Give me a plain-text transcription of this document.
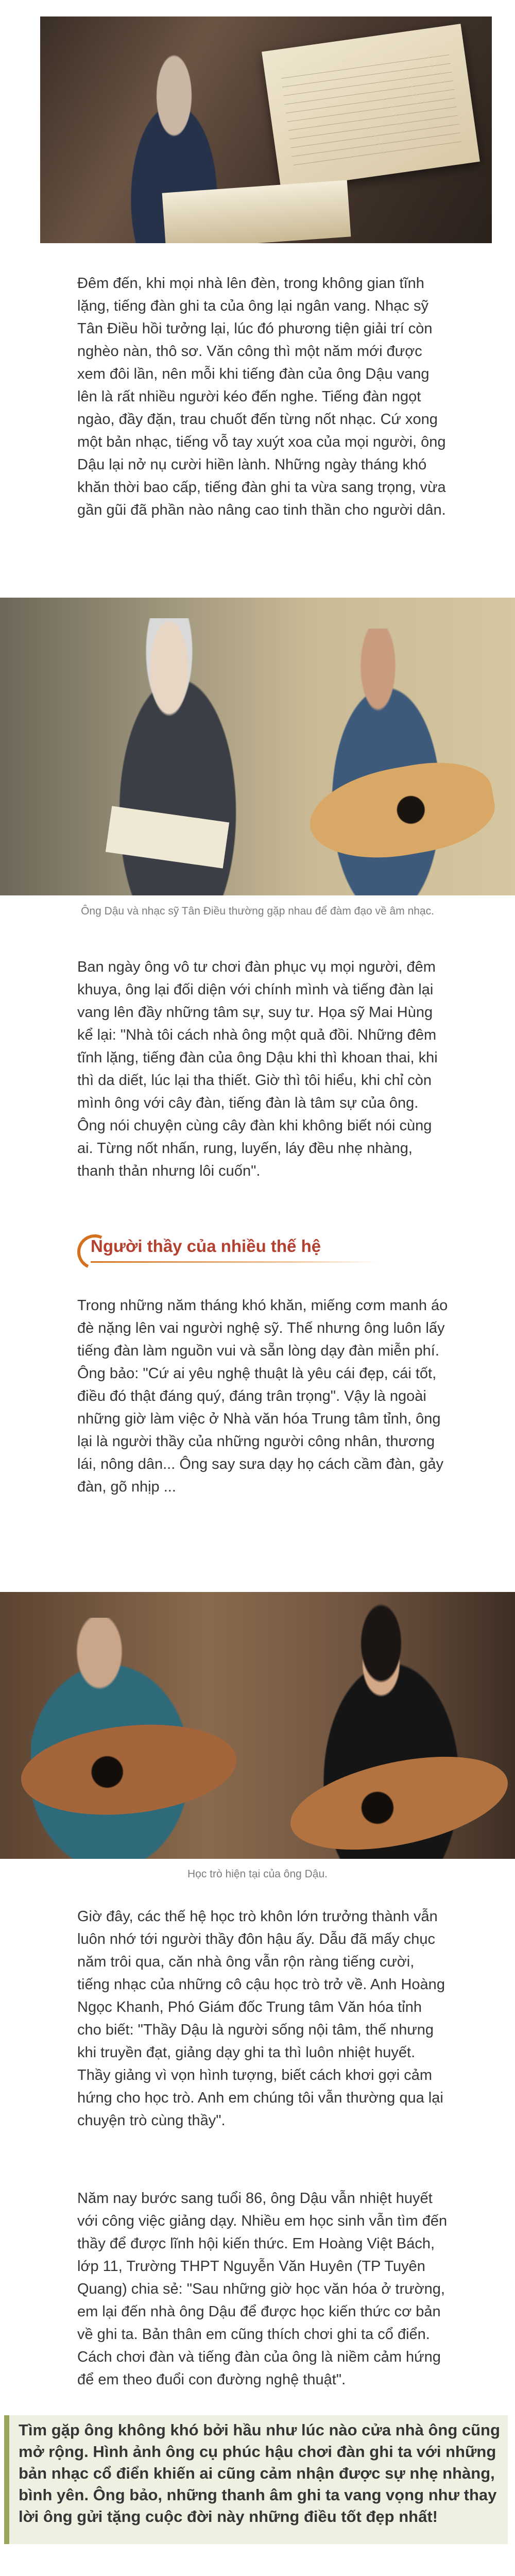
Đêm đến, khi mọi nhà lên đèn, trong không gian tĩnh lặng, tiếng đàn ghi ta của ông lại ngân vang. Nhạc sỹ Tân Điều hồi tưởng lại, lúc đó phương tiện giải trí còn nghèo nàn, thô sơ. Văn công thì một năm mới được xem đôi lần, nên mỗi khi tiếng đàn của ông Dậu vang lên là rất nhiều người kéo đến nghe. Tiếng đàn ngọt ngào, đầy đặn, trau chuốt đến từng nốt nhạc. Cứ xong một bản nhạc, tiếng vỗ tay xuýt xoa của mọi người, ông Dậu lại nở nụ cười hiền lành. Những ngày tháng khó khăn thời bao cấp, tiếng đàn ghi ta vừa sang trọng, vừa gần gũi đã phần nào nâng cao tinh thần cho người dân.
Ông Dậu và nhạc sỹ Tân Điều thường gặp nhau để đàm đạo về âm nhạc.
Ban ngày ông vô tư chơi đàn phục vụ mọi người, đêm khuya, ông lại đối diện với chính mình và tiếng đàn lại vang lên đầy những tâm sự, suy tư. Họa sỹ Mai Hùng kể lại: "Nhà tôi cách nhà ông một quả đồi. Những đêm tĩnh lặng, tiếng đàn của ông Dậu khi thì khoan thai, khi thì da diết, lúc lại tha thiết. Giờ thì tôi hiểu, khi chỉ còn mình ông với cây đàn, tiếng đàn là tâm sự của ông. Ông nói chuyện cùng cây đàn khi không biết nói cùng ai. Từng nốt nhấn, rung, luyến, láy đều nhẹ nhàng, thanh thản nhưng lôi cuốn".
Người thầy của nhiều thế hệ
Trong những năm tháng khó khăn, miếng cơm manh áo đè nặng lên vai người nghệ sỹ. Thế nhưng ông luôn lấy tiếng đàn làm nguồn vui và sẵn lòng dạy đàn miễn phí. Ông bảo: "Cứ ai yêu nghệ thuật là yêu cái đẹp, cái tốt, điều đó thật đáng quý, đáng trân trọng". Vậy là ngoài những giờ làm việc ở Nhà văn hóa Trung tâm tỉnh, ông lại là người thầy của những người công nhân, thương lái, nông dân... Ông say sưa dạy họ cách cầm đàn, gảy đàn, gõ nhịp ...
Học trò hiện tại của ông Dậu.
Giờ đây, các thế hệ học trò khôn lớn trưởng thành vẫn luôn nhớ tới người thầy đôn hậu ấy. Dẫu đã mấy chục năm trôi qua, căn nhà ông vẫn rộn ràng tiếng cười, tiếng nhạc của những cô cậu học trò trở về. Anh Hoàng Ngọc Khanh, Phó Giám đốc Trung tâm Văn hóa tỉnh cho biết: "Thầy Dậu là người sống nội tâm, thế nhưng khi truyền đạt, giảng dạy ghi ta thì luôn nhiệt huyết. Thầy giảng vì vọn hình tượng, biết cách khơi gợi cảm hứng cho học trò. Anh em chúng tôi vẫn thường qua lại chuyện trò cùng thầy".
Năm nay bước sang tuổi 86, ông Dậu vẫn nhiệt huyết với công việc giảng dạy. Nhiều em học sinh vẫn tìm đến thầy để được lĩnh hội kiến thức. Em Hoàng Việt Bách, lớp 11, Trường THPT Nguyễn Văn Huyên (TP Tuyên Quang) chia sẻ: "Sau những giờ học văn hóa ở trường, em lại đến nhà ông Dậu để được học kiến thức cơ bản về ghi ta. Bản thân em cũng thích chơi ghi ta cổ điển. Cách chơi đàn và tiếng đàn của ông là niềm cảm hứng để em theo đuổi con đường nghệ thuật".
Tìm gặp ông không khó bởi hầu như lúc nào cửa nhà ông cũng mở rộng. Hình ảnh ông cụ phúc hậu chơi đàn ghi ta với những bản nhạc cổ điển khiến ai cũng cảm nhận được sự nhẹ nhàng, bình yên. Ông bảo, những thanh âm ghi ta vang vọng như thay lời ông gửi tặng cuộc đời này những điều tốt đẹp nhất!
